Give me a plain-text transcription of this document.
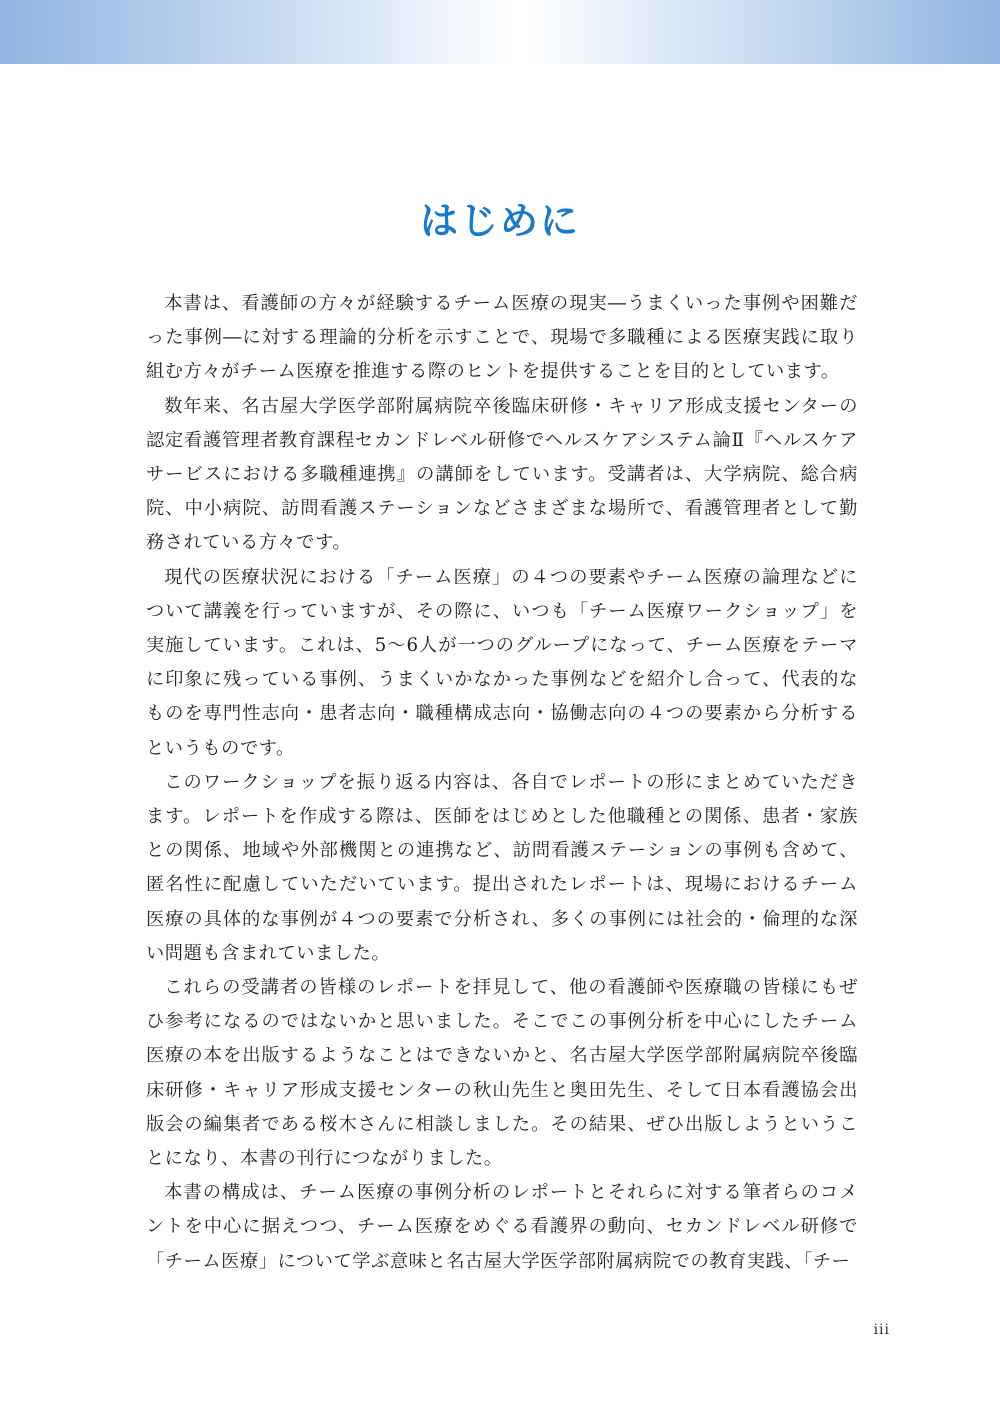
はじめに

本書は、看護師の方々が経験するチーム医療の現実―うまくいった事例や困難だった事例―に対する理論的分析を示すことで、現場で多職種による医療実践に取り組む方々がチーム医療を推進する際のヒントを提供することを目的としています。

数年来、名古屋大学医学部附属病院卒後臨床研修・キャリア形成支援センターの認定看護管理者教育課程セカンドレベル研修でヘルスケアシステム論Ⅱ『ヘルスケアサービスにおける多職種連携』の講師をしています。受講者は、大学病院、総合病院、中小病院、訪問看護ステーションなどさまざまな場所で、看護管理者として勤務されている方々です。

現代の医療状況における「チーム医療」の４つの要素やチーム医療の論理などについて講義を行っていますが、その際に、いつも「チーム医療ワークショップ」を実施しています。これは、5〜6人が一つのグループになって、チーム医療をテーマに印象に残っている事例、うまくいかなかった事例などを紹介し合って、代表的なものを専門性志向・患者志向・職種構成志向・協働志向の４つの要素から分析するというものです。

このワークショップを振り返る内容は、各自でレポートの形にまとめていただきます。レポートを作成する際は、医師をはじめとした他職種との関係、患者・家族との関係、地域や外部機関との連携など、訪問看護ステーションの事例も含めて、匿名性に配慮していただいています。提出されたレポートは、現場におけるチーム医療の具体的な事例が４つの要素で分析され、多くの事例には社会的・倫理的な深い問題も含まれていました。

これらの受講者の皆様のレポートを拝見して、他の看護師や医療職の皆様にもぜひ参考になるのではないかと思いました。そこでこの事例分析を中心にしたチーム医療の本を出版するようなことはできないかと、名古屋大学医学部附属病院卒後臨床研修・キャリア形成支援センターの秋山先生と奥田先生、そして日本看護協会出版会の編集者である桜木さんに相談しました。その結果、ぜひ出版しようということになり、本書の刊行につながりました。

本書の構成は、チーム医療の事例分析のレポートとそれらに対する筆者らのコメントを中心に据えつつ、チーム医療をめぐる看護界の動向、セカンドレベル研修で「チーム医療」について学ぶ意味と名古屋大学医学部附属病院での教育実践、「チー

iii
